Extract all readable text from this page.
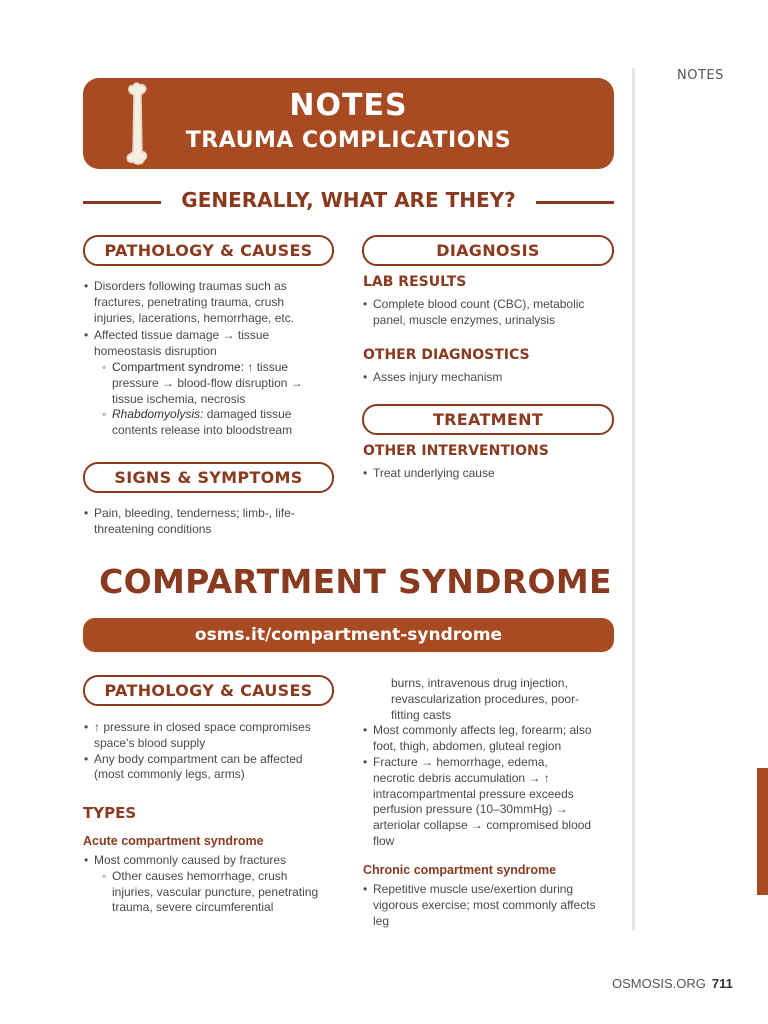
NOTES
NOTES
TRAUMA COMPLICATIONS
GENERALLY, WHAT ARE THEY?
PATHOLOGY & CAUSES
• Disorders following traumas such as
fractures, penetrating trauma, crush
injuries, lacerations, hemorrhage, etc.
• Affected tissue damage → tissue
homeostasis disruption
◦ Compartment syndrome: ↑ tissue
pressure → blood-flow disruption →
tissue ischemia, necrosis
◦ Rhabdomyolysis: damaged tissue
contents release into bloodstream
SIGNS & SYMPTOMS
• Pain, bleeding, tenderness; limb-, life-
threatening conditions
DIAGNOSIS
LAB RESULTS
• Complete blood count (CBC), metabolic
panel, muscle enzymes, urinalysis
OTHER DIAGNOSTICS
• Asses injury mechanism
TREATMENT
OTHER INTERVENTIONS
• Treat underlying cause
COMPARTMENT SYNDROME
osms.it/compartment-syndrome
PATHOLOGY & CAUSES
• ↑ pressure in closed space compromises
space’s blood supply
• Any body compartment can be affected
(most commonly legs, arms)
TYPES
Acute compartment syndrome
• Most commonly caused by fractures
◦ Other causes hemorrhage, crush
injuries, vascular puncture, penetrating
trauma, severe circumferential
burns, intravenous drug injection,
revascularization procedures, poor-
fitting casts
• Most commonly affects leg, forearm; also
foot, thigh, abdomen, gluteal region
• Fracture → hemorrhage, edema,
necrotic debris accumulation → ↑
intracompartmental pressure exceeds
perfusion pressure (10–30mmHg) →
arteriolar collapse → compromised blood
flow
Chronic compartment syndrome
• Repetitive muscle use/exertion during
vigorous exercise; most commonly affects
leg
OSMOSIS.ORG 711
